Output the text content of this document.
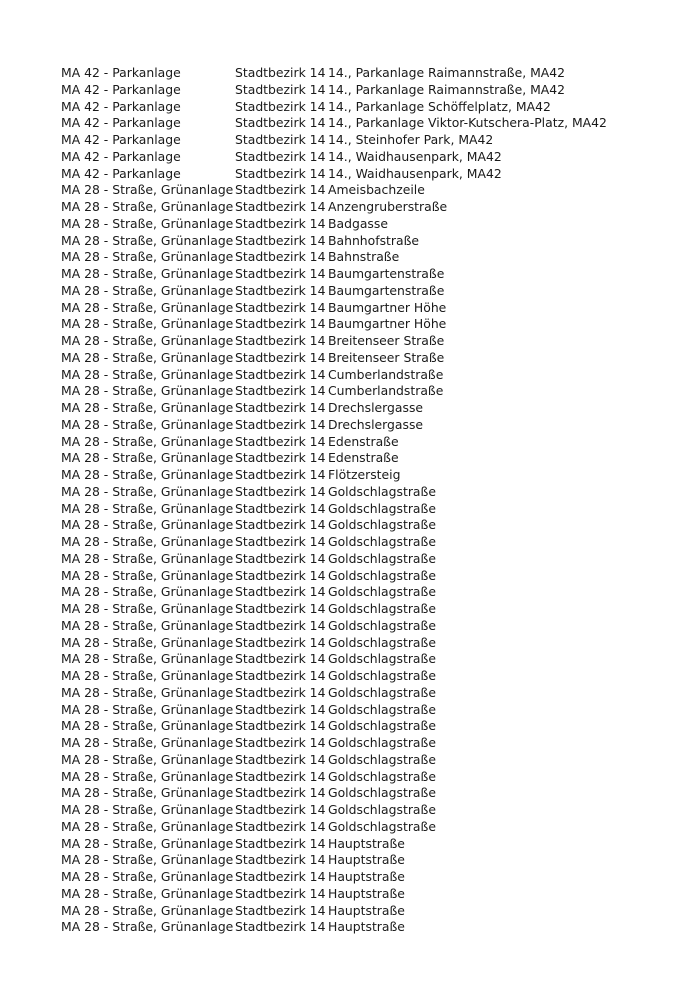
MA 42 - Parkanlage	Stadtbezirk 14 14., Parkanlage Raimannstraße, MA42
MA 42 - Parkanlage	Stadtbezirk 14 14., Parkanlage Raimannstraße, MA42
MA 42 - Parkanlage	Stadtbezirk 14 14., Parkanlage Schöffelplatz, MA42
MA 42 - Parkanlage	Stadtbezirk 14 14., Parkanlage Viktor-Kutschera-Platz, MA42
MA 42 - Parkanlage	Stadtbezirk 14 14., Steinhofer Park, MA42
MA 42 - Parkanlage	Stadtbezirk 14 14., Waidhausenpark, MA42
MA 42 - Parkanlage	Stadtbezirk 14 14., Waidhausenpark, MA42
MA 28 - Straße, Grünanlage Stadtbezirk 14 Ameisbachzeile
MA 28 - Straße, Grünanlage Stadtbezirk 14 Anzengruberstraße
MA 28 - Straße, Grünanlage Stadtbezirk 14 Badgasse
MA 28 - Straße, Grünanlage Stadtbezirk 14 Bahnhofstraße
MA 28 - Straße, Grünanlage Stadtbezirk 14 Bahnstraße
MA 28 - Straße, Grünanlage Stadtbezirk 14 Baumgartenstraße
MA 28 - Straße, Grünanlage Stadtbezirk 14 Baumgartenstraße
MA 28 - Straße, Grünanlage Stadtbezirk 14 Baumgartner Höhe
MA 28 - Straße, Grünanlage Stadtbezirk 14 Baumgartner Höhe
MA 28 - Straße, Grünanlage Stadtbezirk 14 Breitenseer Straße
MA 28 - Straße, Grünanlage Stadtbezirk 14 Breitenseer Straße
MA 28 - Straße, Grünanlage Stadtbezirk 14 Cumberlandstraße
MA 28 - Straße, Grünanlage Stadtbezirk 14 Cumberlandstraße
MA 28 - Straße, Grünanlage Stadtbezirk 14 Drechslergasse
MA 28 - Straße, Grünanlage Stadtbezirk 14 Drechslergasse
MA 28 - Straße, Grünanlage Stadtbezirk 14 Edenstraße
MA 28 - Straße, Grünanlage Stadtbezirk 14 Edenstraße
MA 28 - Straße, Grünanlage Stadtbezirk 14 Flötzersteig
MA 28 - Straße, Grünanlage Stadtbezirk 14 Goldschlagstraße
MA 28 - Straße, Grünanlage Stadtbezirk 14 Goldschlagstraße
MA 28 - Straße, Grünanlage Stadtbezirk 14 Goldschlagstraße
MA 28 - Straße, Grünanlage Stadtbezirk 14 Goldschlagstraße
MA 28 - Straße, Grünanlage Stadtbezirk 14 Goldschlagstraße
MA 28 - Straße, Grünanlage Stadtbezirk 14 Goldschlagstraße
MA 28 - Straße, Grünanlage Stadtbezirk 14 Goldschlagstraße
MA 28 - Straße, Grünanlage Stadtbezirk 14 Goldschlagstraße
MA 28 - Straße, Grünanlage Stadtbezirk 14 Goldschlagstraße
MA 28 - Straße, Grünanlage Stadtbezirk 14 Goldschlagstraße
MA 28 - Straße, Grünanlage Stadtbezirk 14 Goldschlagstraße
MA 28 - Straße, Grünanlage Stadtbezirk 14 Goldschlagstraße
MA 28 - Straße, Grünanlage Stadtbezirk 14 Goldschlagstraße
MA 28 - Straße, Grünanlage Stadtbezirk 14 Goldschlagstraße
MA 28 - Straße, Grünanlage Stadtbezirk 14 Goldschlagstraße
MA 28 - Straße, Grünanlage Stadtbezirk 14 Goldschlagstraße
MA 28 - Straße, Grünanlage Stadtbezirk 14 Goldschlagstraße
MA 28 - Straße, Grünanlage Stadtbezirk 14 Goldschlagstraße
MA 28 - Straße, Grünanlage Stadtbezirk 14 Goldschlagstraße
MA 28 - Straße, Grünanlage Stadtbezirk 14 Goldschlagstraße
MA 28 - Straße, Grünanlage Stadtbezirk 14 Goldschlagstraße
MA 28 - Straße, Grünanlage Stadtbezirk 14 Hauptstraße
MA 28 - Straße, Grünanlage Stadtbezirk 14 Hauptstraße
MA 28 - Straße, Grünanlage Stadtbezirk 14 Hauptstraße
MA 28 - Straße, Grünanlage Stadtbezirk 14 Hauptstraße
MA 28 - Straße, Grünanlage Stadtbezirk 14 Hauptstraße
MA 28 - Straße, Grünanlage Stadtbezirk 14 Hauptstraße
